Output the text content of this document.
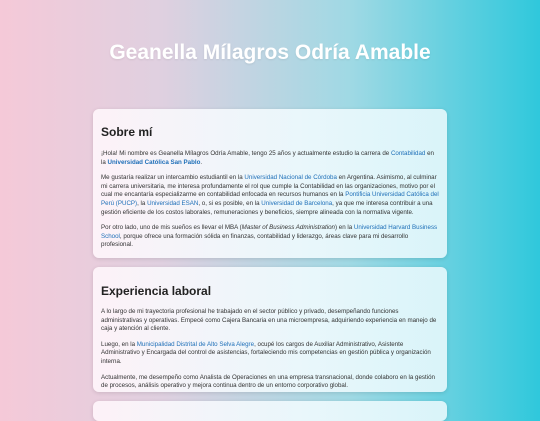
Geanella Mílagros Odría Amable
Sobre mí

¡Hola! Mi nombre es Geanella Mílagros Odría Amable, tengo 25 años y actualmente estudio la carrera de Contabilidad en la Universidad Católica San Pablo.

Me gustaría realizar un intercambio estudiantil en la Universidad Nacional de Córdoba en Argentina. Asimismo, al culminar mi carrera universitaria, me interesa profundamente el rol que cumple la Contabilidad en las organizaciones, motivo por el cual me encantaría especializarme en contabilidad enfocada en recursos humanos en la Pontificia Universidad Católica del Perú (PUCP), la Universidad ESAN, o, si es posible, en la Universidad de Barcelona, ya que me interesa contribuir a una gestión eficiente de los costos laborales, remuneraciones y beneficios, siempre alineada con la normativa vigente.

Por otro lado, uno de mis sueños es llevar el MBA (Master of Business Administration) en la Universidad Harvard Business School, porque ofrece una formación sólida en finanzas, contabilidad y liderazgo, áreas clave para mi desarrollo profesional.

Experiencia laboral

A lo largo de mi trayectoria profesional he trabajado en el sector público y privado, desempeñando funciones administrativas y operativas. Empecé como Cajera Bancaria en una microempresa, adquiriendo experiencia en manejo de caja y atención al cliente.

Luego, en la Municipalidad Distrital de Alto Selva Alegre, ocupé los cargos de Auxiliar Administrativo, Asistente Administrativo y Encargada del control de asistencias, fortaleciendo mis competencias en gestión pública y organización interna.

Actualmente, me desempeño como Analista de Operaciones en una empresa transnacional, donde colaboro en la gestión de procesos, análisis operativo y mejora continua dentro de un entorno corporativo global.
